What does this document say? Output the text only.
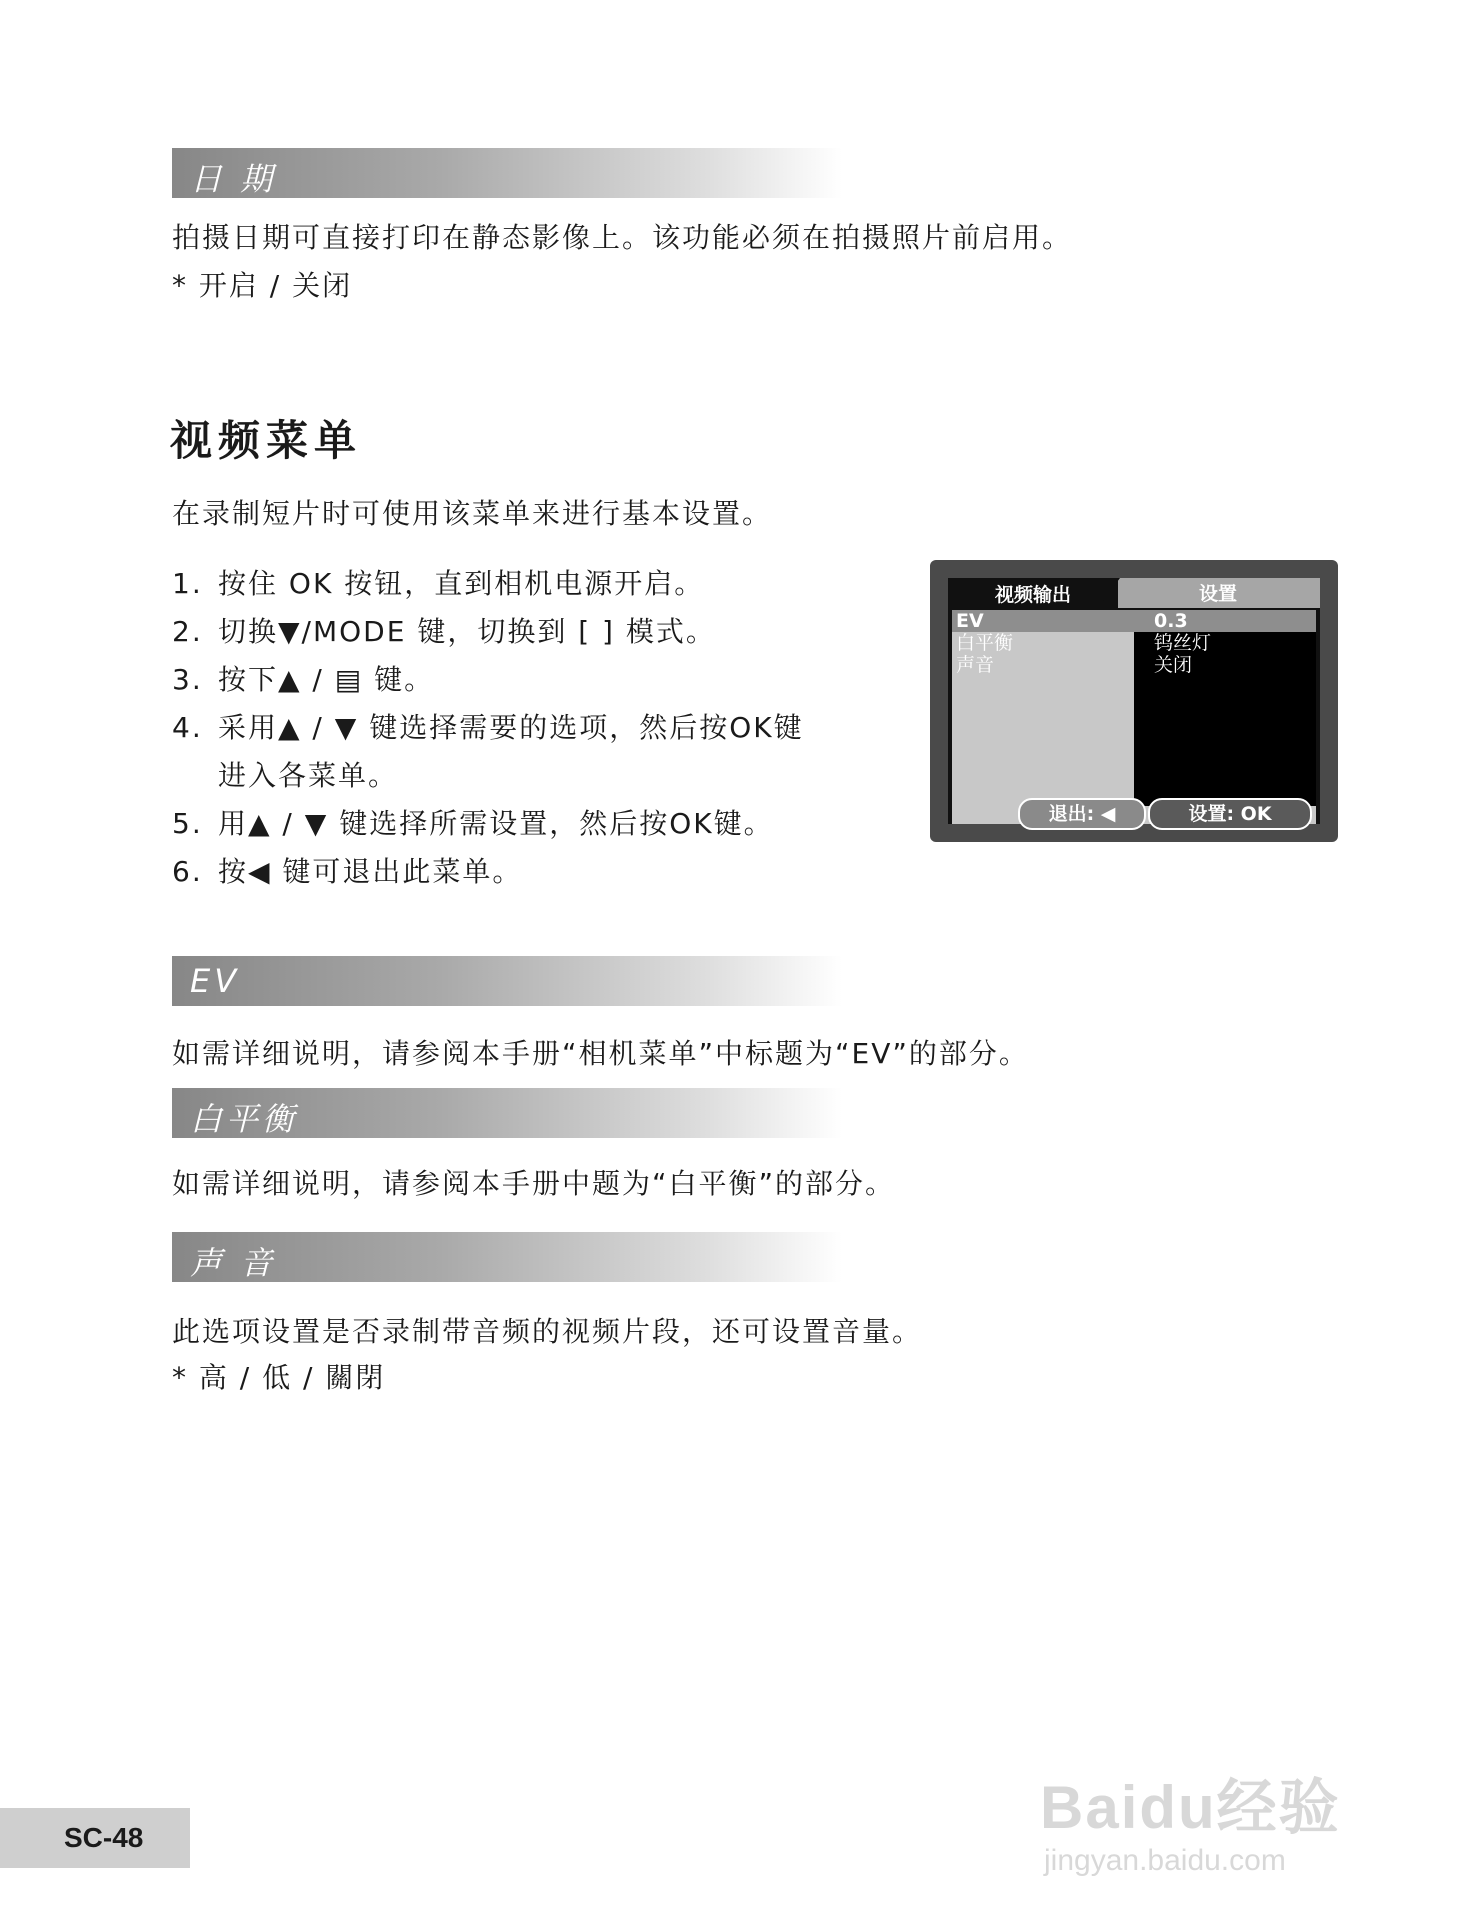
日 期
拍摄日期可直接打印在静态影像上。该功能必须在拍摄照片前启用。
* 开启 / 关闭
视频菜单
在录制短片时可使用该菜单来进行基本设置。
1. 按住 OK 按钮，直到相机电源开启。
2. 切换▼/MODE 键，切换到 [ ] 模式。
3. 按下▲ / ▤ 键。
4. 采用▲ / ▼ 键选择需要的选项，然后按OK键
进入各菜单。
5. 用▲ / ▼ 键选择所需设置，然后按OK键。
6. 按◀ 键可退出此菜单。
设置
视频输出
EV	0.3
白平衡	钨丝灯
声音	关闭
退出: ◀	设置: OK
EV
如需详细说明，请参阅本手册“相机菜单”中标题为“EV”的部分。
白平衡
如需详细说明，请参阅本手册中题为“白平衡”的部分。
声 音
此选项设置是否录制带音频的视频片段，还可设置音量。
* 高 / 低 / 關閉
SC-48	Baidu经验
jingyan.baidu.com
